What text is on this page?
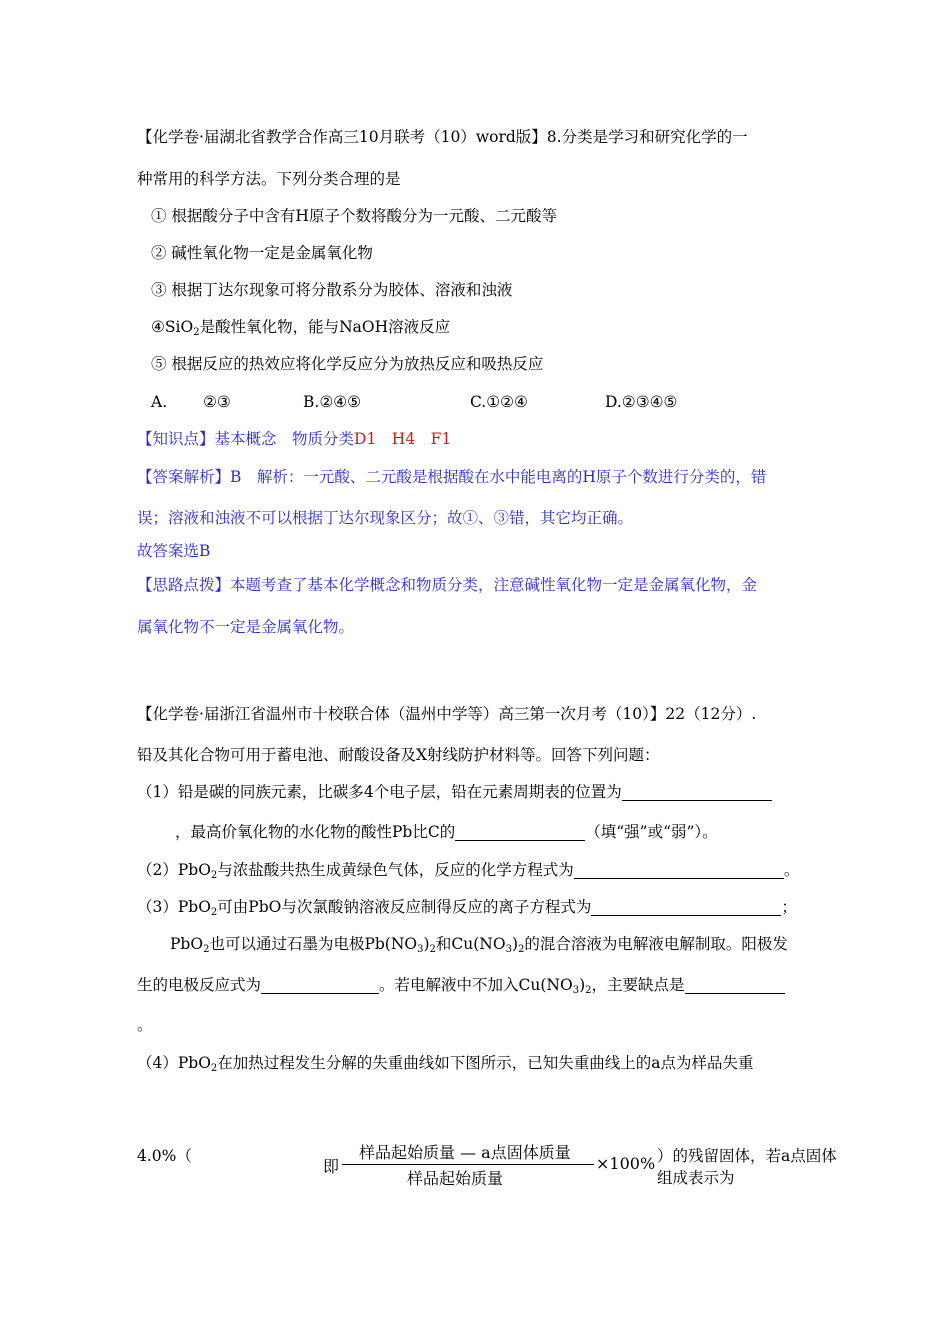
【化学卷·届湖北省教学合作高三10月联考（10）word版】8.分类是学习和研究化学的一
种常用的科学方法。下列分类合理的是
① 根据酸分子中含有H原子个数将酸分为一元酸、二元酸等
② 碱性氧化物一定是金属氧化物
③ 根据丁达尔现象可将分散系分为胶体、溶液和浊液
④SiO$_2$是酸性氧化物，能与NaOH溶液反应
⑤ 根据反应的热效应将化学反应分为放热反应和吸热反应
A. ②③	B.②④⑤	C.①②④	D.②③④⑤
【知识点】基本概念　物质分类D1　H4　F1
【答案解析】B　解析：一元酸、二元酸是根据酸在水中能电离的H原子个数进行分类的，错
误；溶液和浊液不可以根据丁达尔现象区分；故①、③错，其它均正确。
故答案选B
【思路点拨】本题考查了基本化学概念和物质分类，注意碱性氧化物一定是金属氧化物，金
属氧化物不一定是金属氧化物。
【化学卷·届浙江省温州市十校联合体（温州中学等）高三第一次月考（10）】22（12分）.
铅及其化合物可用于蓄电池、耐酸设备及X射线防护材料等。回答下列问题：
（1）铅是碳的同族元素，比碳多4个电子层，铅在元素周期表的位置为
，最高价氧化物的水化物的酸性Pb比C的	（填“强”或“弱”）。
（2）PbO$_2$与浓盐酸共热生成黄绿色气体，反应的化学方程式为	。
（3）PbO$_2$可由PbO与次氯酸钠溶液反应制得反应的离子方程式为	；
PbO$_2$也可以通过石墨为电极$Pb(NO_3)_2$和$Cu(NO_3)_2$的混合溶液为电解液电解制取。阳极发
生的电极反应式为	。若电解液中不加入$Cu(NO_3)_2$，主要缺点是
。
（4）PbO$_2$在加热过程发生分解的失重曲线如下图所示，已知失重曲线上的a点为样品失重
4.0%（
即
样品起始质量 — a点固体质量
样品起始质量
×100% ）的残留固体，若a点固体组成表示为
